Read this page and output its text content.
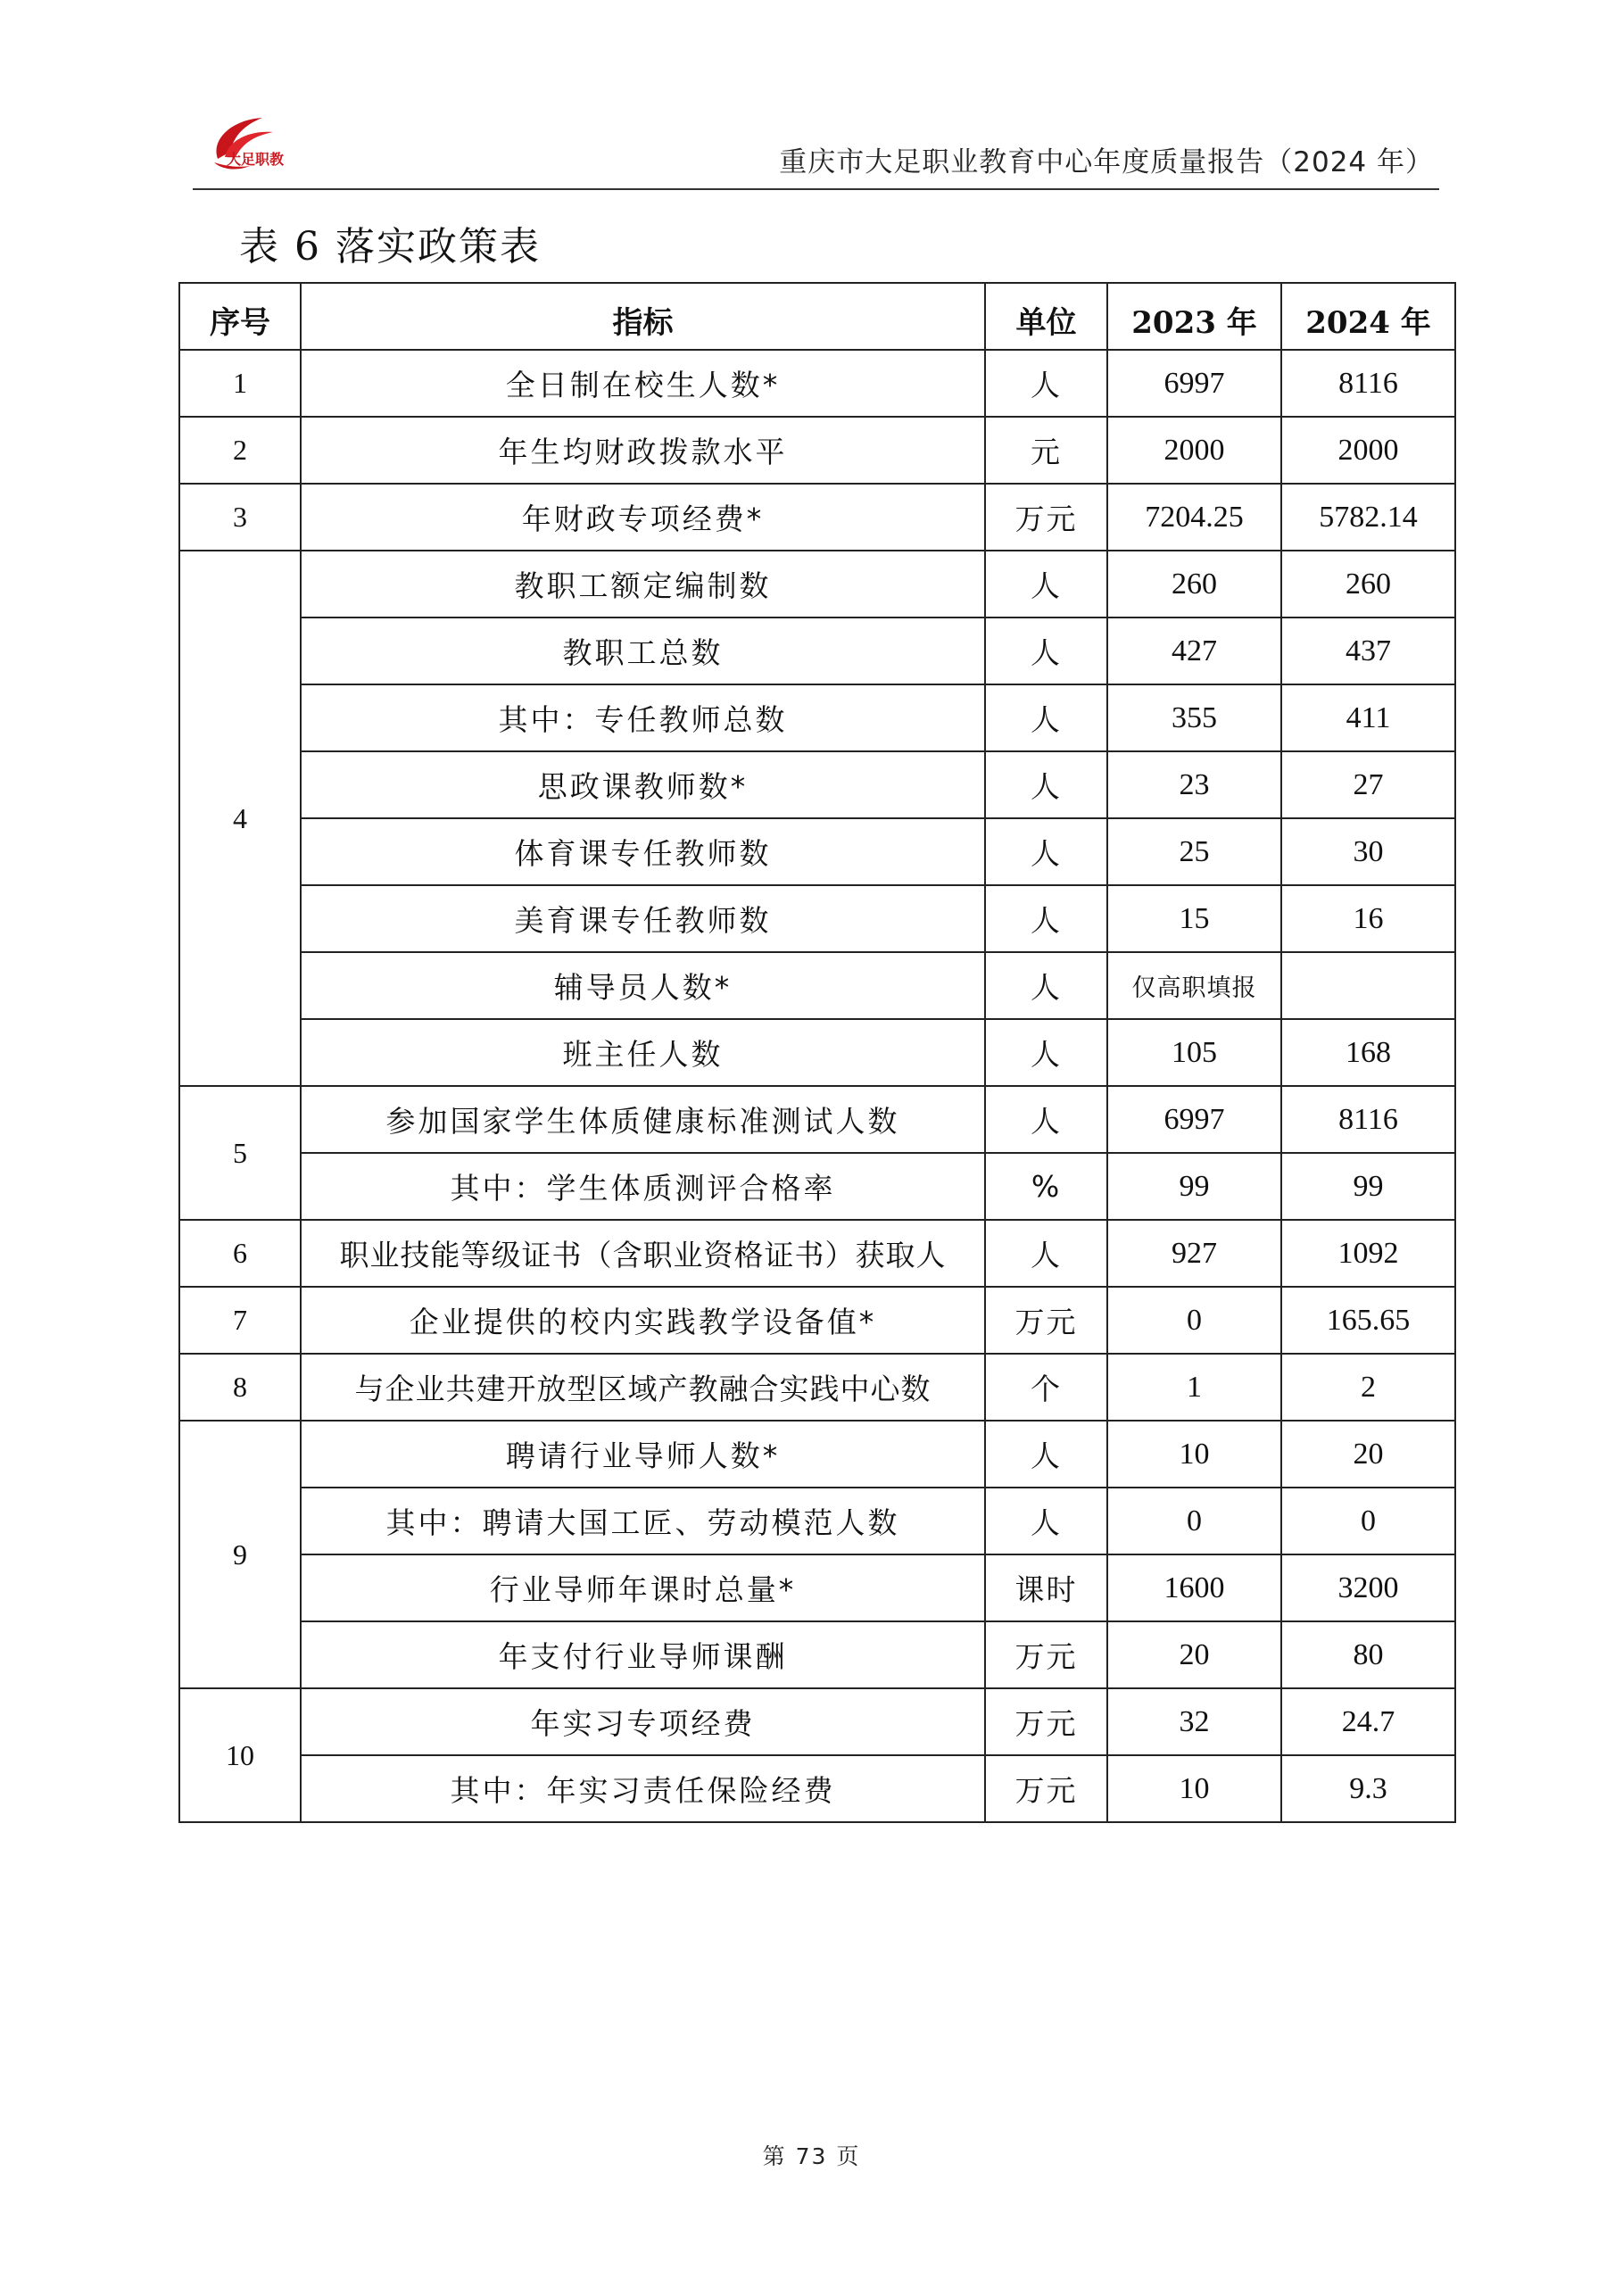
大足职教	重庆市大足职业教育中心年度质量报告（2024 年）
表 6 落实政策表
序号	指标	单位	2023 年	2024 年
1	全日制在校生人数*	人	6997	8116
2	年生均财政拨款水平	元	2000	2000
3	年财政专项经费*	万元	7204.25	5782.14
4	教职工额定编制数	人	260	260
	教职工总数	人	427	437
	其中：专任教师总数	人	355	411
	思政课教师数*	人	23	27
	体育课专任教师数	人	25	30
	美育课专任教师数	人	15	16
	辅导员人数*	人	仅高职填报	
	班主任人数	人	105	168
5	参加国家学生体质健康标准测试人数	人	6997	8116
	其中：学生体质测评合格率	%	99	99
6	职业技能等级证书（含职业资格证书）获取人	人	927	1092
7	企业提供的校内实践教学设备值*	万元	0	165.65
8	与企业共建开放型区域产教融合实践中心数	个	1	2
9	聘请行业导师人数*	人	10	20
	其中：聘请大国工匠、劳动模范人数	人	0	0
	行业导师年课时总量*	课时	1600	3200
	年支付行业导师课酬	万元	20	80
10	年实习专项经费	万元	32	24.7
	其中：年实习责任保险经费	万元	10	9.3
第 73 页
